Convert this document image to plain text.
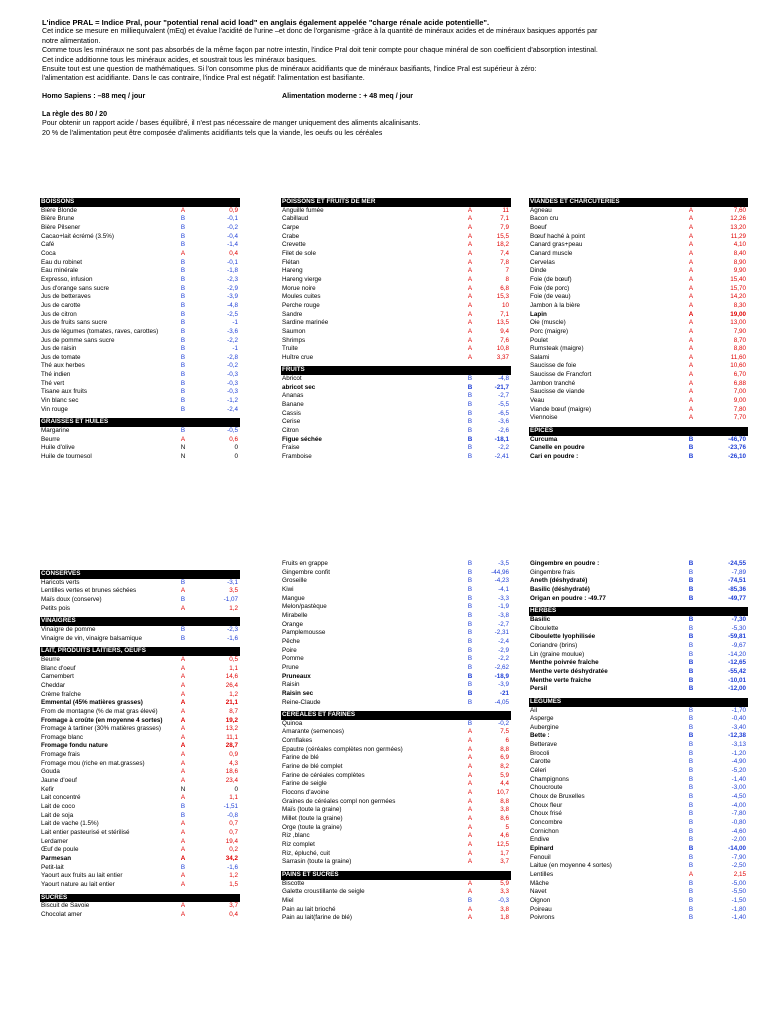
L'indice PRAL = Indice Pral, pour "potential renal acid load" en anglais également appelée "charge rénale acide potentielle".
Cet indice se mesure en milliequivalent (mEq) et évalue l'acidité de l'urine –et donc de l'organisme -grâce à la quantité de minéraux acides et de minéraux basiques apportés par
notre alimentation.
Comme tous les minéraux ne sont pas absorbés de la même façon par notre intestin, l'indice Pral doit tenir compte pour chaque minéral de son coefficient d'absorption intestinal.
Cet indice additionne tous les minéraux acides, et soustrait tous les minéraux basiques.
Ensuite tout est une question de mathématiques. Si l'on consomme plus de minéraux acidifiants que de minéraux basifiants, l'indice Pral est supérieur à zéro:
l'alimentation est acidifiante. Dans le cas contraire, l'indice Pral est négatif: l'alimentation est basifiante.
Homo Sapiens : –88 meq / jour	Alimentation moderne : + 48 meq / jour
La règle des 80 / 20
Pour obtenir un rapport acide / bases équilibré, il n'est pas nécessaire de manger uniquement des aliments alcalinisants.
20 % de l'alimentation peut être composée d'aliments acidifiants tels que la viande, les oeufs ou les céréales
BOISSONS
Bière Blonde	A	0,9
Bière Brune	B	-0,1
Bière Pilsener	B	-0,2
Cacao+lait écrémé (3.5%)	B	-0,4
Café	B	-1,4
Coca	A	0,4
Eau du robinet	B	-0,1
Eau minérale	B	-1,8
Expresso, infusion	B	-2,3
Jus d'orange sans sucre	B	-2,9
Jus de betteraves	B	-3,9
Jus de carotte	B	-4,8
Jus de citron	B	-2,5
Jus de fruits sans sucre	B	-1
Jus de légumes (tomates, raves, carottes)	B	-3,6
Jus de pomme sans sucre	B	-2,2
Jus de raisin	B	-1
Jus de tomate	B	-2,8
Thé aux herbes	B	-0,2
Thé indien	B	-0,3
Thé vert	B	-0,3
Tisane aux fruits	B	-0,3
Vin blanc sec	B	-1,2
Vin rouge	B	-2,4
GRAISSES ET HUILES
Margarine	B	-0,5
Beurre	A	0,6
Huile d'olive	N	0
Huile de tournesol	N	0
CONSERVES
Haricots verts	B	-3,1
Lentilles vertes et brunes séchées	A	3,5
Maïs doux (conserve)	B	-1,07
Petits pois	A	1,2
VINAIGRES
Vinaigre de pomme	B	-2,3
Vinaigre de vin, vinaigre balsamique	B	-1,6
LAIT, PRODUITS LAITIERS, OEUFS
Beurre	A	0,5
Blanc d'oeuf	A	1,1
Camembert	A	14,6
Cheddar	A	26,4
Crème fraîche	A	1,2
Emmental (45% matières grasses)	A	21,1
From de montagne (% de mat gras élevé)	A	8,7
Fromage à croûte (en moyenne 4 sortes)	A	19,2
Fromage à tartiner (30% matières grasses)	A	13,2
Fromage blanc	A	11,1
Fromage fondu nature	A	28,7
Fromage frais	A	0,9
Fromage mou (riche en mat.grasses)	A	4,3
Gouda	A	18,6
Jaune d'oeuf	A	23,4
Kefir	N	0
Lait concentré	A	1,1
Lait de coco	B	-1,51
Lait de soja	B	-0,8
Lait de vache (1.5%)	A	0,7
Lait entier pasteurisé et stérilisé	A	0,7
Lerdamer	A	19,4
Œuf de poule	A	0,2
Parmesan	A	34,2
Petit-lait	B	-1,6
Yaourt aux fruits au lait entier	A	1,2
Yaourt nature au lait entier	A	1,5
SUCRES
Biscuit de Savoie	A	3,7
Chocolat amer	A	0,4
POISSONS ET FRUITS DE MER
Anguille fumée	A	11
Cabillaud	A	7,1
Carpe	A	7,9
Crabe	A	15,5
Crevette	A	18,2
Filet de sole	A	7,4
Flétan	A	7,8
Hareng	A	7
Hareng vierge	A	8
Morue noire	A	6,8
Moules cuites	A	15,3
Perche rouge	A	10
Sandre	A	7,1
Sardine marinée	A	13,5
Saumon	A	9,4
Shrimps	A	7,6
Truite	A	10,8
Huître crue	A	3,37
FRUITS
Abricot	B	-4,8
abricot sec	B	-21,7
Ananas	B	-2,7
Banane	B	-5,5
Cassis	B	-6,5
Cerise	B	-3,6
Citron	B	-2,6
Figue séchée	B	-18,1
Fraise	B	-2,2
Framboise	B	-2,41
Fruits en grappe	B	-3,5
Gingembre confit	B	-44,96
Groseille	B	-4,23
Kiwi	B	-4,1
Mangue	B	-3,3
Melon/pastèque	B	-1,9
Mirabelle	B	-3,8
Orange	B	-2,7
Pamplemousse	B	-2,31
Pêche	B	-2,4
Poire	B	-2,9
Pomme	B	-2,2
Prune	B	-2,62
Pruneaux	B	-18,9
Raisin	B	-3,9
Raisin sec	B	-21
Reine-Claude	B	-4,05
CEREALES ET FARINES
Quinoa	B	-0,2
Amarante (semences)	A	7,5
Cornflakes	A	6
Epautre (céréales complètes non germées)	A	8,8
Farine de blé	A	6,9
Farine de blé complet	A	8,2
Farine de céréales complètes	A	5,9
Farine de seigle	A	4,4
Flocons d'avoine	A	10,7
Graines de céréales compl non germées	A	8,8
Maïs (toute la graine)	A	3,8
Millet (toute la graine)	A	8,6
Orge (toute la graine)	A	5
Riz ,blanc	A	4,6
Riz complet	A	12,5
Riz, épluché, cuit	A	1,7
Sarrasin (toute la graine)	A	3,7
PAINS ET SUCRES
Biscotte	A	5,9
Galette croustillante de seigle	A	3,3
Miel	B	-0,3
Pain au lait brioché	A	3,8
Pain au lait(farine de blé)	A	1,8
VIANDES ET CHARCUTERIES
Agneau	A	7,60
Bacon cru	A	12,26
Boeuf	A	13,20
Bœuf haché à point	A	11,29
Canard gras+peau	A	4,10
Canard muscle	A	8,40
Cervelas	A	8,90
Dinde	A	9,90
Foie (de bœuf)	A	15,40
Foie (de porc)	A	15,70
Foie (de veau)	A	14,20
Jambon à la bière	A	8,30
Lapin	A	19,00
Oie (muscle)	A	13,00
Porc (maigre)	A	7,90
Poulet	A	8,70
Rumsteak (maigre)	A	8,80
Salami	A	11,60
Saucisse de foie	A	10,60
Saucisse de Francfort	A	6,70
Jambon tranché	A	6,88
Saucisse de viande	A	7,00
Veau	A	9,00
Viande bœuf (maigre)	A	7,80
Viennoise	A	7,70
EPICES
Curcuma	B	-46,70
Canelle en poudre	B	-23,76
Cari en poudre :	B	-26,10
Gingembre en poudre :	B	-24,55
Gingembre frais	B	-7,89
Aneth (déshydraté)	B	-74,51
Basilic (déshydraté)	B	-85,36
Origan en poudre : -49.77	B	-49,77
HERBES
Basilic	B	-7,30
Ciboulette	B	-5,30
Ciboulette lyophilisée	B	-59,81
Coriandre (brins)	B	-9,67
Lin (graine moulue)	B	-14,20
Menthe poivrée fraîche	B	-12,65
Menthe verte déshydratée	B	-55,42
Menthe verte fraîche	B	-10,01
Persil	B	-12,00
LEGUMES
Ail	B	-1,70
Asperge	B	-0,40
Aubergine	B	-3,40
Bette :	B	-12,38
Betterave	B	-3,13
Brocoli	B	-1,20
Carotte	B	-4,90
Céleri	B	-5,20
Champignons	B	-1,40
Choucroute	B	-3,00
Choux de Bruxelles	B	-4,50
Choux fleur	B	-4,00
Choux frisé	B	-7,80
Concombre	B	-0,80
Cornichon	B	-4,60
Endive	B	-2,00
Epinard	B	-14,00
Fenouil	B	-7,90
Laitue (en moyenne 4 sortes)	B	-2,50
Lentilles	A	2,15
Mâche	B	-5,00
Navet	B	-5,50
Oignon	B	-1,50
Poireau	B	-1,80
Poivrons	B	-1,40
